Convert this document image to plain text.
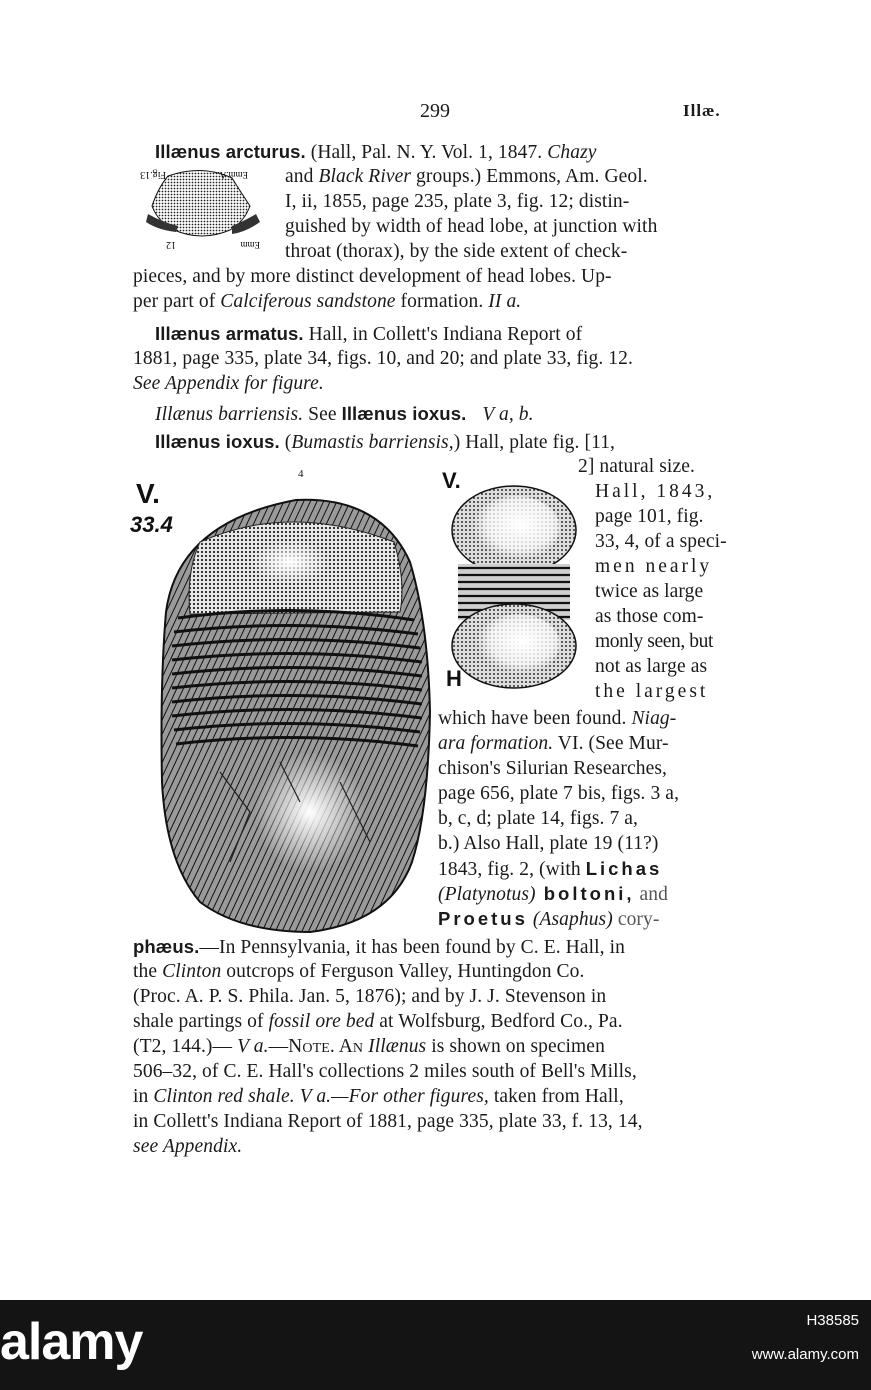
299	Illæ.
Fig.13	Emm.A.
12	Emm
Illænus arcturus. (Hall, Pal. N. Y. Vol. 1, 1847. Chazy
and Black River groups.) Emmons, Am. Geol.
I, ii, 1855, page 235, plate 3, fig. 12; distin-
guished by width of head lobe, at junction with
throat (thorax), by the side extent of check-
pieces, and by more distinct development of head lobes. Up-
per part of Calciferous sandstone formation. II a.
Illænus armatus. Hall, in Collett's Indiana Report of
1881, page 335, plate 34, figs. 10, and 20; and plate 33, fig. 12.
See Appendix for figure.
Illænus barriensis. See Illænus ioxus. V a, b.
Illænus ioxus. (Bumastis barriensis,) Hall, plate fig. [11,
2] natural size.
Hall, 1843,
page 101, fig.
33, 4, of a speci-
men nearly
twice as large
as those com-
monly seen, but
not as large as
the largest
which have been found. Niag-
ara formation. VI. (See Mur-
chison's Silurian Researches,
page 656, plate 7 bis, figs. 3 a,
b, c, d; plate 14, figs. 7 a,
b.) Also Hall, plate 19 (11?)
1843, fig. 2, (with Lichas
(Platynotus) boltoni, and
Proetus (Asaphus) cory-
phæus.—In Pennsylvania, it has been found by C. E. Hall, in
the Clinton outcrops of Ferguson Valley, Huntingdon Co.
(Proc. A. P. S. Phila. Jan. 5, 1876); and by J. J. Stevenson in
shale partings of fossil ore bed at Wolfsburg, Bedford Co., Pa.
(T2, 144.)— V a.—Note. An Illænus is shown on specimen
506–32, of C. E. Hall's collections 2 miles south of Bell's Mills,
in Clinton red shale. V a.—For other figures, taken from Hall,
in Collett's Indiana Report of 1881, page 335, plate 33, f. 13, 14,
see Appendix.
V.
33.4
4	V.
H
alamy	H38585
www.alamy.com
